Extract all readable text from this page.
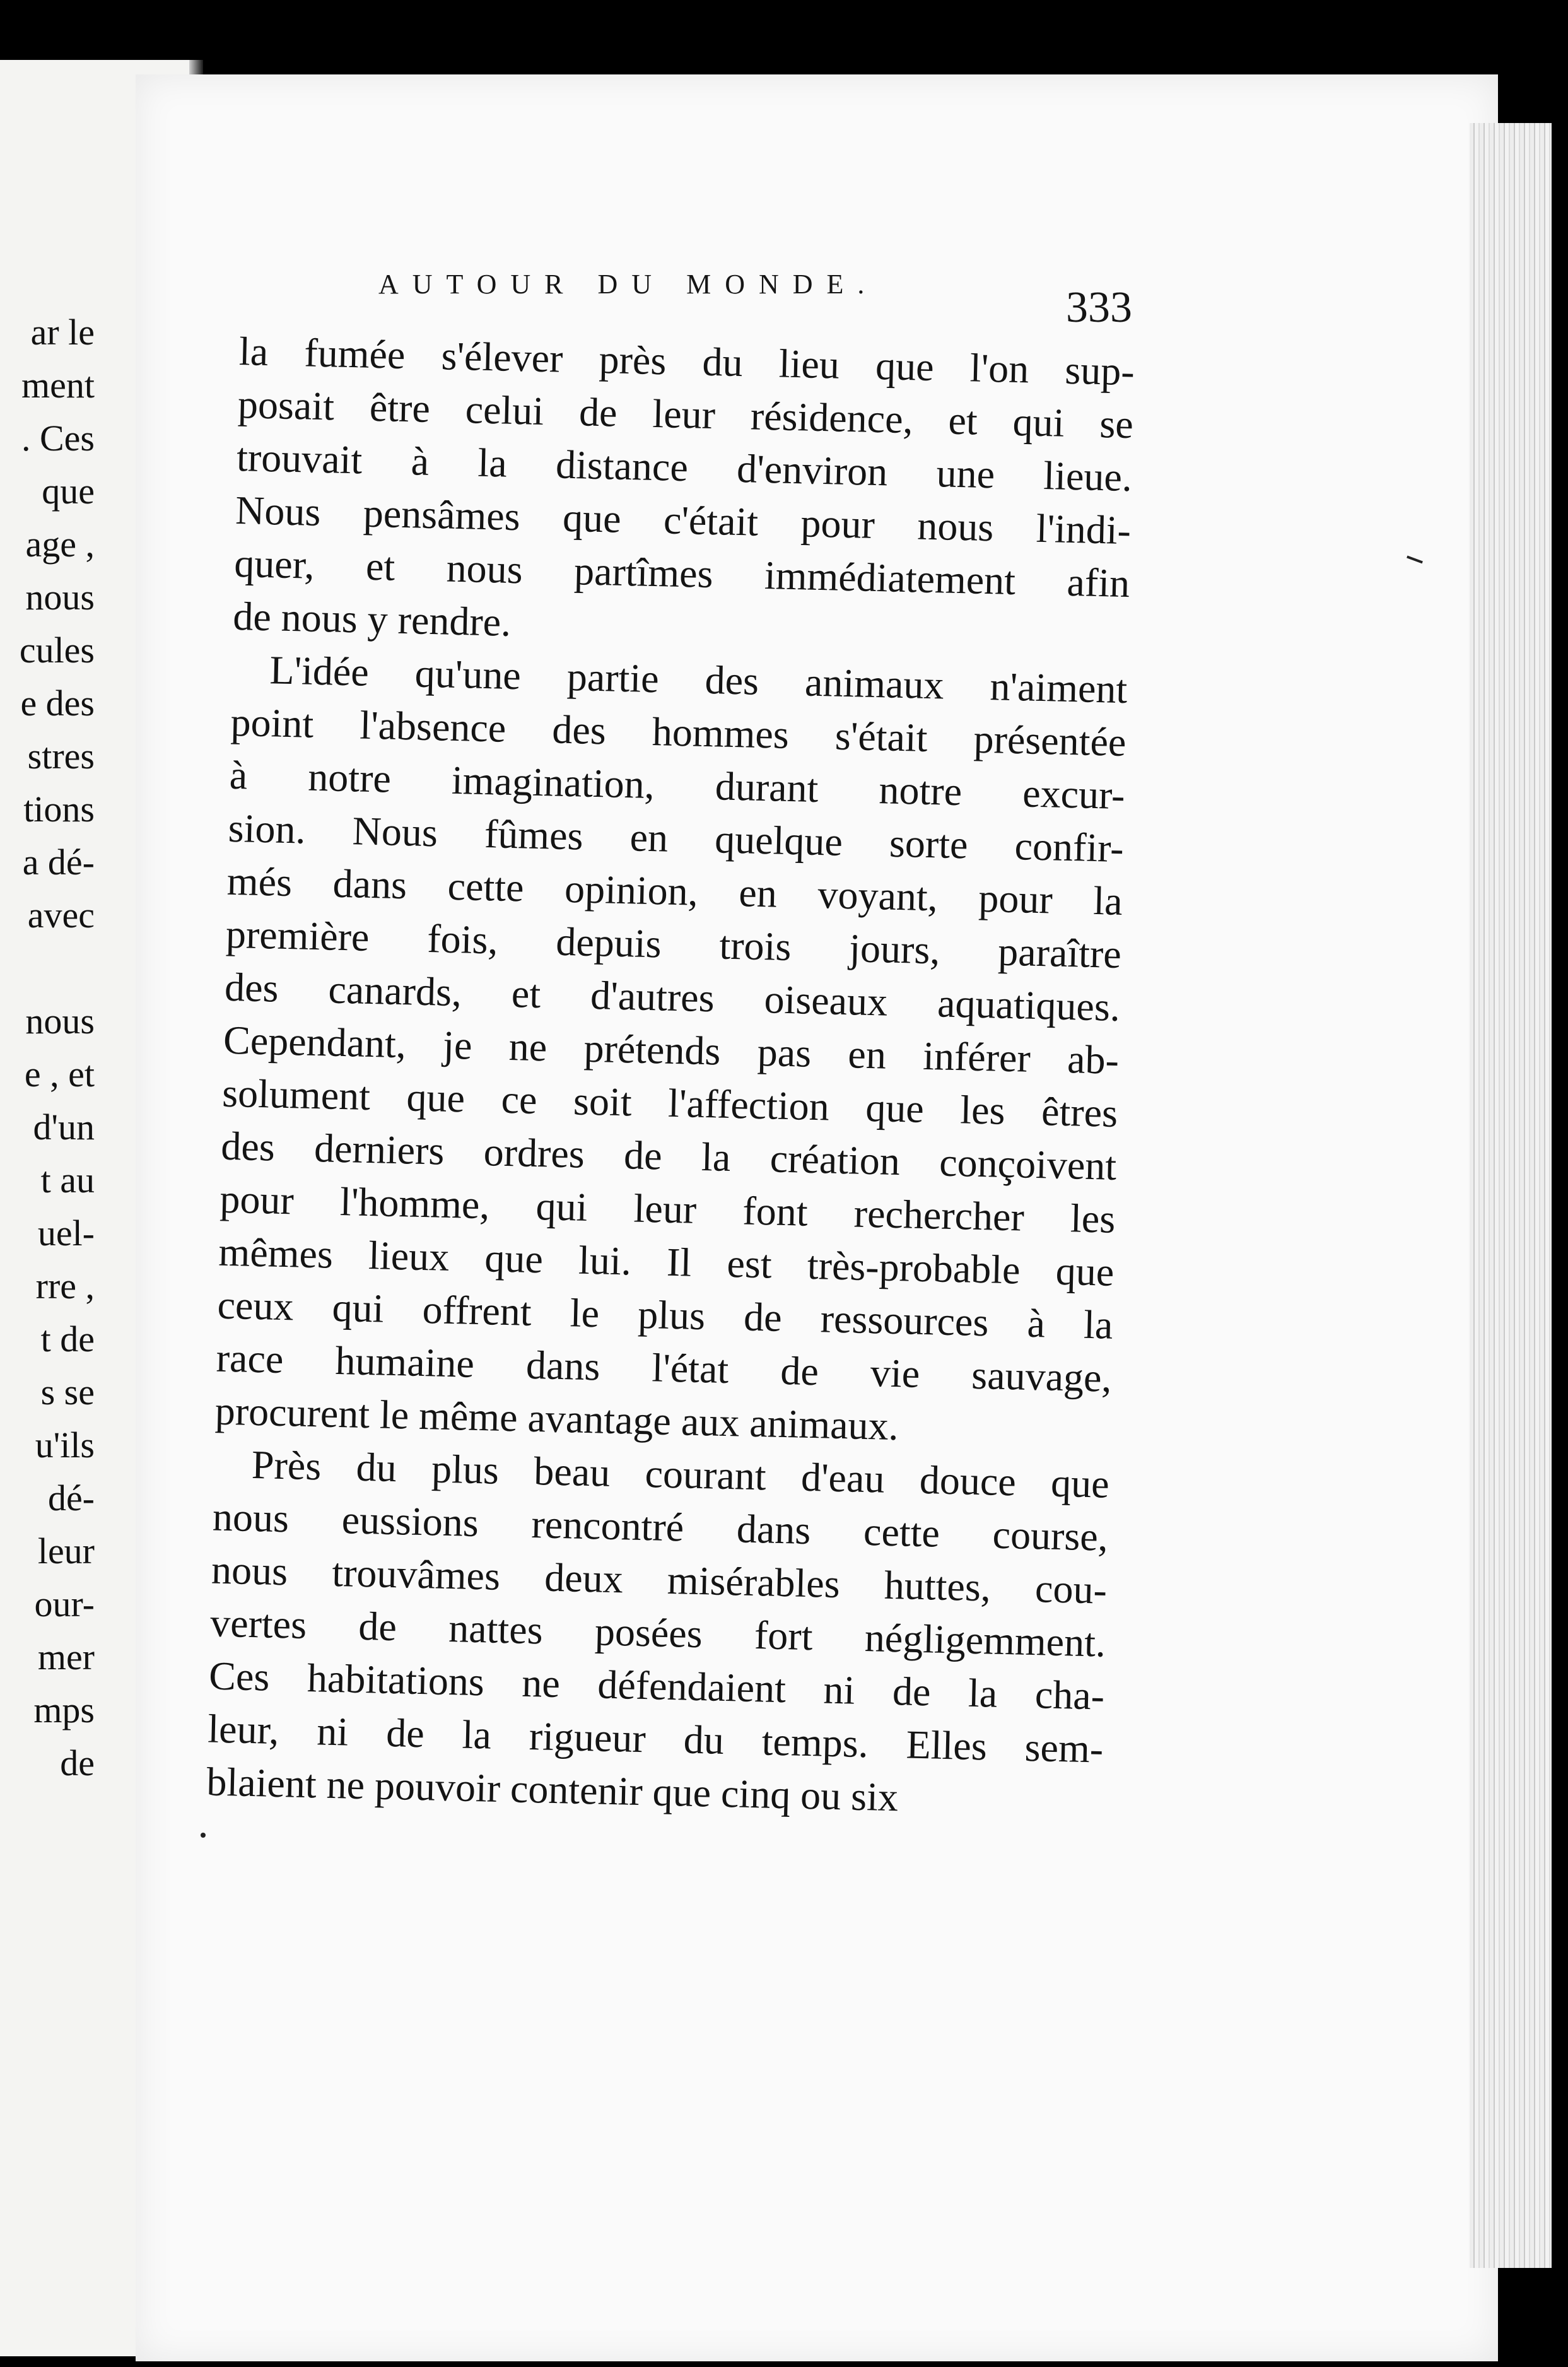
ar le
ment
. Ces
que
age ,
nous
cules
e des
stres
tions
a dé-
avec
nous
e , et
d'un
t au
uel-
rre ,
t de
s se
u'ils
dé-
leur
our-
mer
mps
de
AUTOUR DU MONDE.	333
la fumée s'élever près du lieu que l'on sup-
posait être celui de leur résidence, et qui se
trouvait à la distance d'environ une lieue.
Nous pensâmes que c'était pour nous l'indi-
quer, et nous partîmes immédiatement afin
de nous y rendre.
L'idée qu'une partie des animaux n'aiment
point l'absence des hommes s'était présentée
à notre imagination, durant notre excur-
sion. Nous fûmes en quelque sorte confir-
més dans cette opinion, en voyant, pour la
première fois, depuis trois jours, paraître
des canards, et d'autres oiseaux aquatiques.
Cependant, je ne prétends pas en inférer ab-
solument que ce soit l'affection que les êtres
des derniers ordres de la création conçoivent
pour l'homme, qui leur font rechercher les
mêmes lieux que lui. Il est très-probable que
ceux qui offrent le plus de ressources à la
race humaine dans l'état de vie sauvage,
procurent le même avantage aux animaux.
Près du plus beau courant d'eau douce que
nous eussions rencontré dans cette course,
nous trouvâmes deux misérables huttes, cou-
vertes de nattes posées fort négligemment.
Ces habitations ne défendaient ni de la cha-
leur, ni de la rigueur du temps. Elles sem-
blaient ne pouvoir contenir que cinq ou six
